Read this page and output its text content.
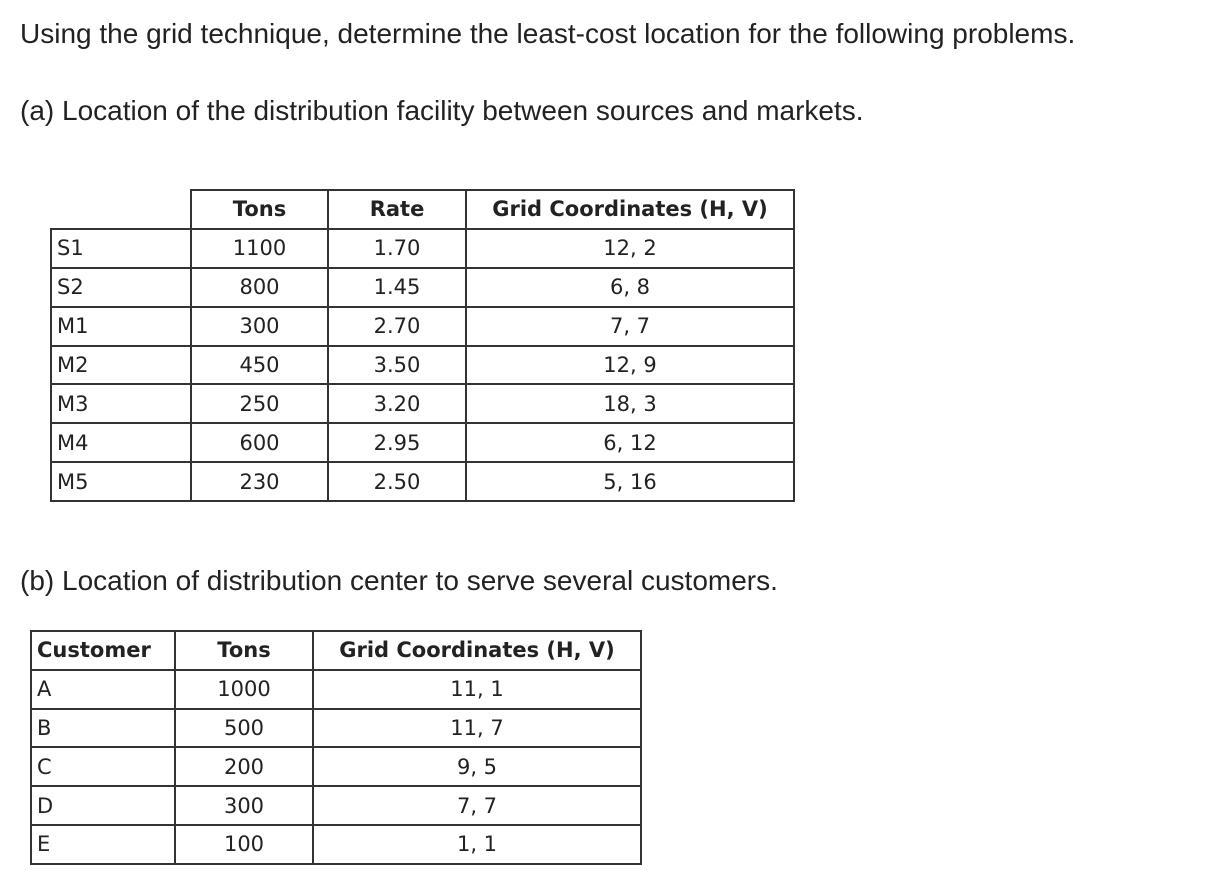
Using the grid technique, determine the least-cost location for the following problems.
(a) Location of the distribution facility between sources and markets.
	Tons	Rate	Grid Coordinates (H, V)
S1	1100	1.70	12, 2
S2	800	1.45	6, 8
M1	300	2.70	7, 7
M2	450	3.50	12, 9
M3	250	3.20	18, 3
M4	600	2.95	6, 12
M5	230	2.50	5, 16
(b) Location of distribution center to serve several customers.
Customer	Tons	Grid Coordinates (H, V)
A	1000	11, 1
B	500	11, 7
C	200	9, 5
D	300	7, 7
E	100	1, 1
